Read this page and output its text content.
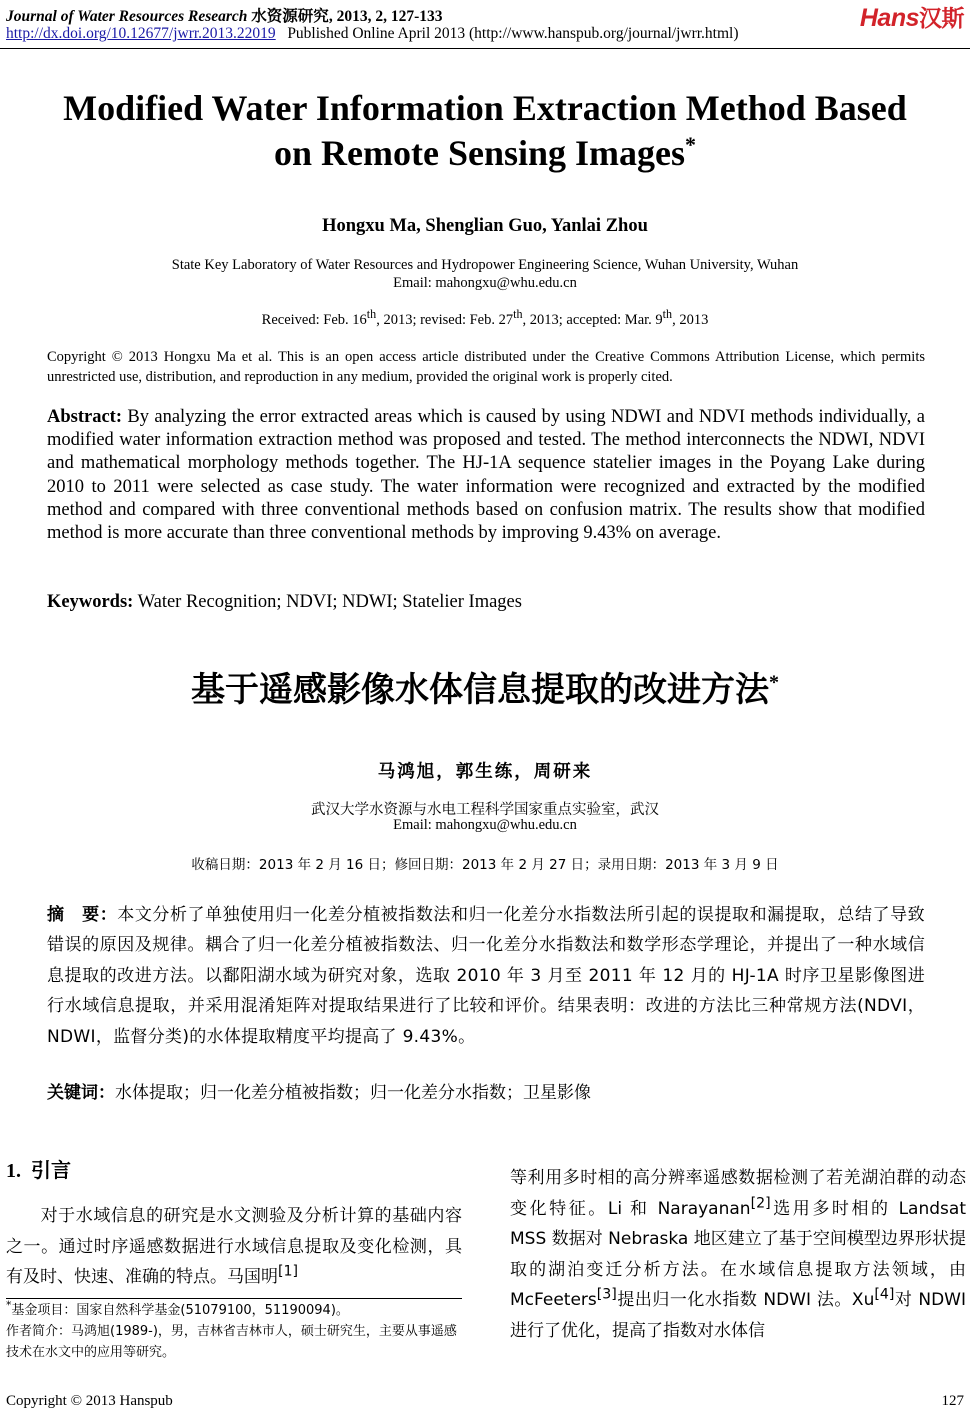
Journal of Water Resources Research 水资源研究, 2013, 2, 127-133
http://dx.doi.org/10.12677/jwrr.2013.22019 Published Online April 2013 (http://www.hanspub.org/journal/jwrr.html)
Hans汉斯
Modified Water Information Extraction Method Based
on Remote Sensing Images*
Hongxu Ma, Shenglian Guo, Yanlai Zhou
State Key Laboratory of Water Resources and Hydropower Engineering Science, Wuhan University, Wuhan
Email: mahongxu@whu.edu.cn
Received: Feb. 16th, 2013; revised: Feb. 27th, 2013; accepted: Mar. 9th, 2013
Copyright © 2013 Hongxu Ma et al. This is an open access article distributed under the Creative Commons Attribution License, which permits unrestricted use, distribution, and reproduction in any medium, provided the original work is properly cited.
Abstract: By analyzing the error extracted areas which is caused by using NDWI and NDVI methods individually, a modified water information extraction method was proposed and tested. The method interconnects the NDWI, NDVI and mathematical morphology methods together. The HJ-1A sequence statelier images in the Poyang Lake during 2010 to 2011 were selected as case study. The water information were recognized and extracted by the modified method and compared with three conventional methods based on confusion matrix. The results show that modified method is more accurate than three conventional methods by improving 9.43% on average.
Keywords: Water Recognition; NDVI; NDWI; Statelier Images
基于遥感影像水体信息提取的改进方法*
马鸿旭，郭生练，周研来
武汉大学水资源与水电工程科学国家重点实验室，武汉
Email: mahongxu@whu.edu.cn
收稿日期：2013 年 2 月 16 日；修回日期：2013 年 2 月 27 日；录用日期：2013 年 3 月 9 日
摘　要：本文分析了单独使用归一化差分植被指数法和归一化差分水指数法所引起的误提取和漏提取，总结了导致错误的原因及规律。耦合了归一化差分植被指数法、归一化差分水指数法和数学形态学理论，并提出了一种水域信息提取的改进方法。以鄱阳湖水域为研究对象，选取 2010 年 3 月至 2011 年 12 月的 HJ-1A 时序卫星影像图进行水域信息提取，并采用混淆矩阵对提取结果进行了比较和评价。结果表明：改进的方法比三种常规方法(NDVI，NDWI，监督分类)的水体提取精度平均提高了 9.43%。
关键词：水体提取；归一化差分植被指数；归一化差分水指数；卫星影像
1. 引言
对于水域信息的研究是水文测验及分析计算的基础内容之一。通过时序遥感数据进行水域信息提取及变化检测，具有及时、快速、准确的特点。马国明[1]
*基金项目：国家自然科学基金(51079100，51190094)。
作者简介：马鸿旭(1989-)，男，吉林省吉林市人，硕士研究生，主要从事遥感技术在水文中的应用等研究。
等利用多时相的高分辨率遥感数据检测了若羌湖泊群的动态变化特征。Li 和 Narayanan[2]选用多时相的 Landsat MSS 数据对 Nebraska 地区建立了基于空间模型边界形状提取的湖泊变迁分析方法。在水域信息提取方法领域，由 McFeeters[3]提出归一化水指数 NDWI 法。Xu[4]对 NDWI 进行了优化，提高了指数对水体信
Copyright © 2013 Hanspub	127
